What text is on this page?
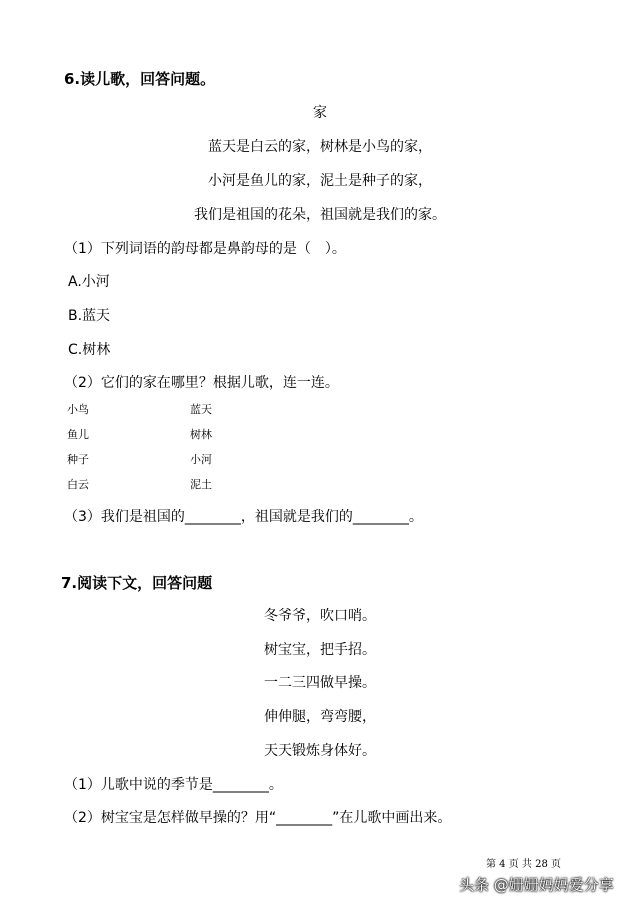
6.读儿歌，回答问题。
家
蓝天是白云的家，树林是小鸟的家，
小河是鱼儿的家，泥土是种子的家，
我们是祖国的花朵，祖国就是我们的家。
（1）下列词语的韵母都是鼻韵母的是（　）。
A.小河
B.蓝天
C.树林
（2）它们的家在哪里？根据儿歌，连一连。
小鸟
鱼儿
种子
白云
蓝天
树林
小河
泥土
（3）我们是祖国的________，祖国就是我们的________。
7.阅读下文，回答问题
冬爷爷，吹口哨。
树宝宝，把手招。
一二三四做早操。
伸伸腿，弯弯腰，
天天锻炼身体好。
（1）儿歌中说的季节是________。
（2）树宝宝是怎样做早操的？用“________”在儿歌中画出来。
第 4 页 共 28 页
头条 @姗姗妈妈爱分享
